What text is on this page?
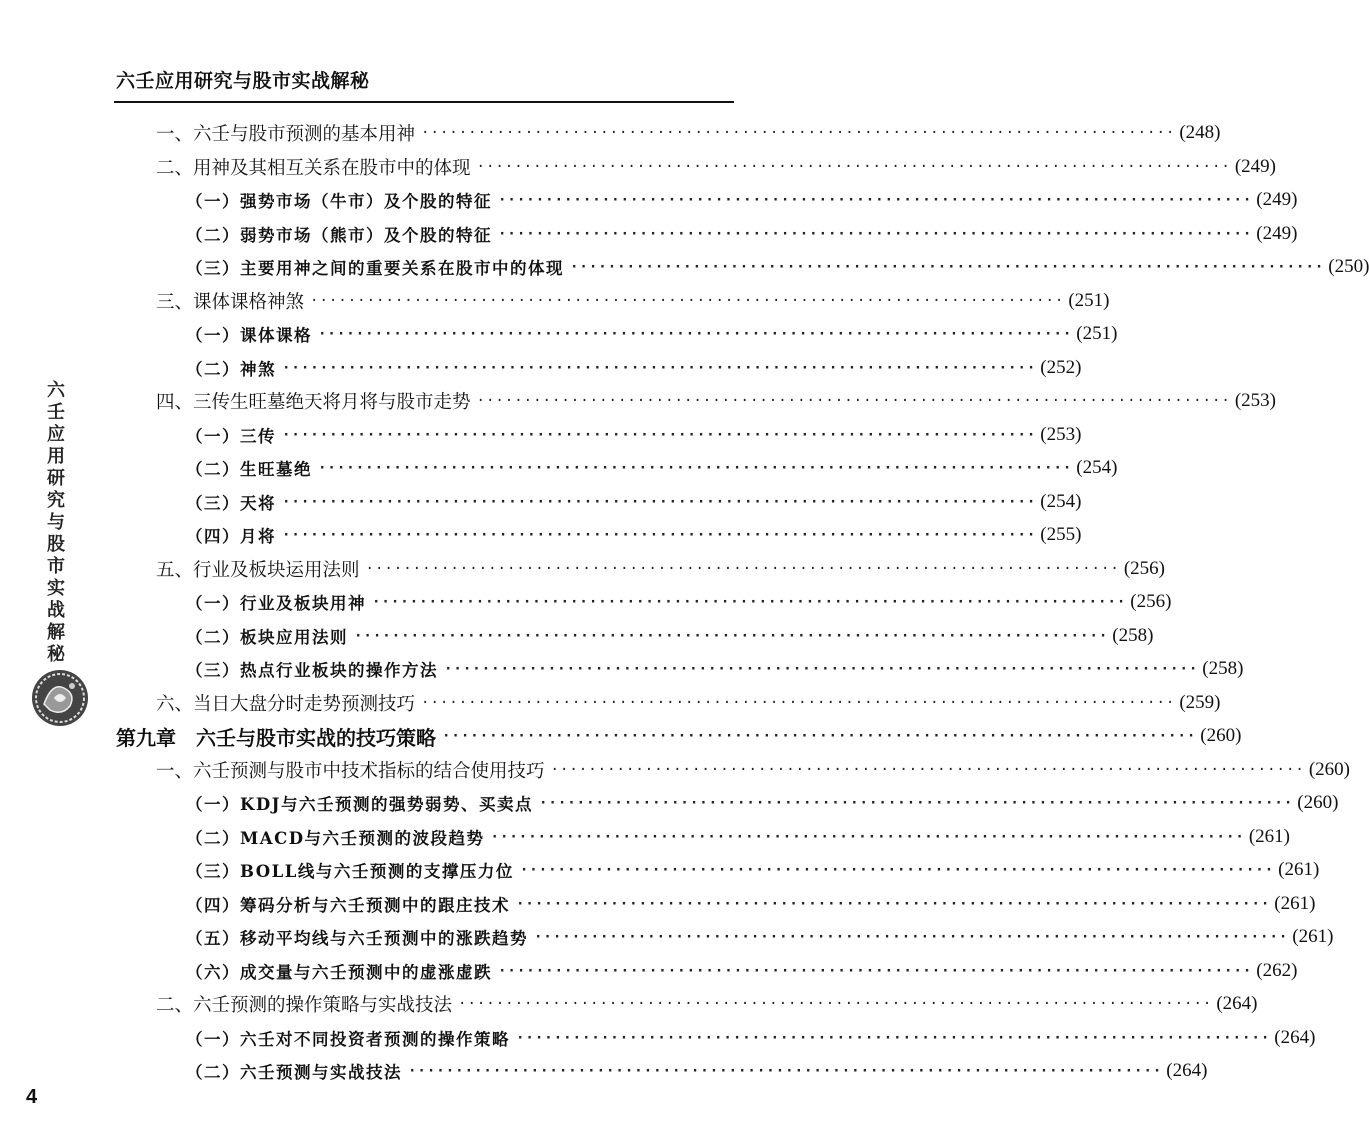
六壬应用研究与股市实战解秘
一、六壬与股市预测的基本用神 ················································································ (248)
二、用神及其相互关系在股市中的体现 ················································································ (249)
（一）强势市场（牛市）及个股的特征 ················································································ (249)
（二）弱势市场（熊市）及个股的特征 ················································································ (249)
（三）主要用神之间的重要关系在股市中的体现 ················································································ (250)
三、课体课格神煞 ················································································ (251)
（一）课体课格 ················································································ (251)
（二）神煞 ················································································ (252)
四、三传生旺墓绝天将月将与股市走势 ················································································ (253)
（一）三传 ················································································ (253)
（二）生旺墓绝 ················································································ (254)
（三）天将 ················································································ (254)
（四）月将 ················································································ (255)
五、行业及板块运用法则 ················································································ (256)
（一）行业及板块用神 ················································································ (256)
（二）板块应用法则 ················································································ (258)
（三）热点行业板块的操作方法 ················································································ (258)
六、当日大盘分时走势预测技巧 ················································································ (259)
第九章　六壬与股市实战的技巧策略 ················································································ (260)
一、六壬预测与股市中技术指标的结合使用技巧 ················································································ (260)
（一）KDJ与六壬预测的强势弱势、买卖点 ················································································ (260)
（二）MACD与六壬预测的波段趋势 ················································································ (261)
（三）BOLL线与六壬预测的支撑压力位 ················································································ (261)
（四）筹码分析与六壬预测中的跟庄技术 ················································································ (261)
（五）移动平均线与六壬预测中的涨跌趋势 ················································································ (261)
（六）成交量与六壬预测中的虚涨虚跌 ················································································ (262)
二、六壬预测的操作策略与实战技法 ················································································ (264)
（一）六壬对不同投资者预测的操作策略 ················································································ (264)
（二）六壬预测与实战技法 ················································································ (264)
六
壬
应
用
研
究
与
股
市
实
战
解
秘
4
